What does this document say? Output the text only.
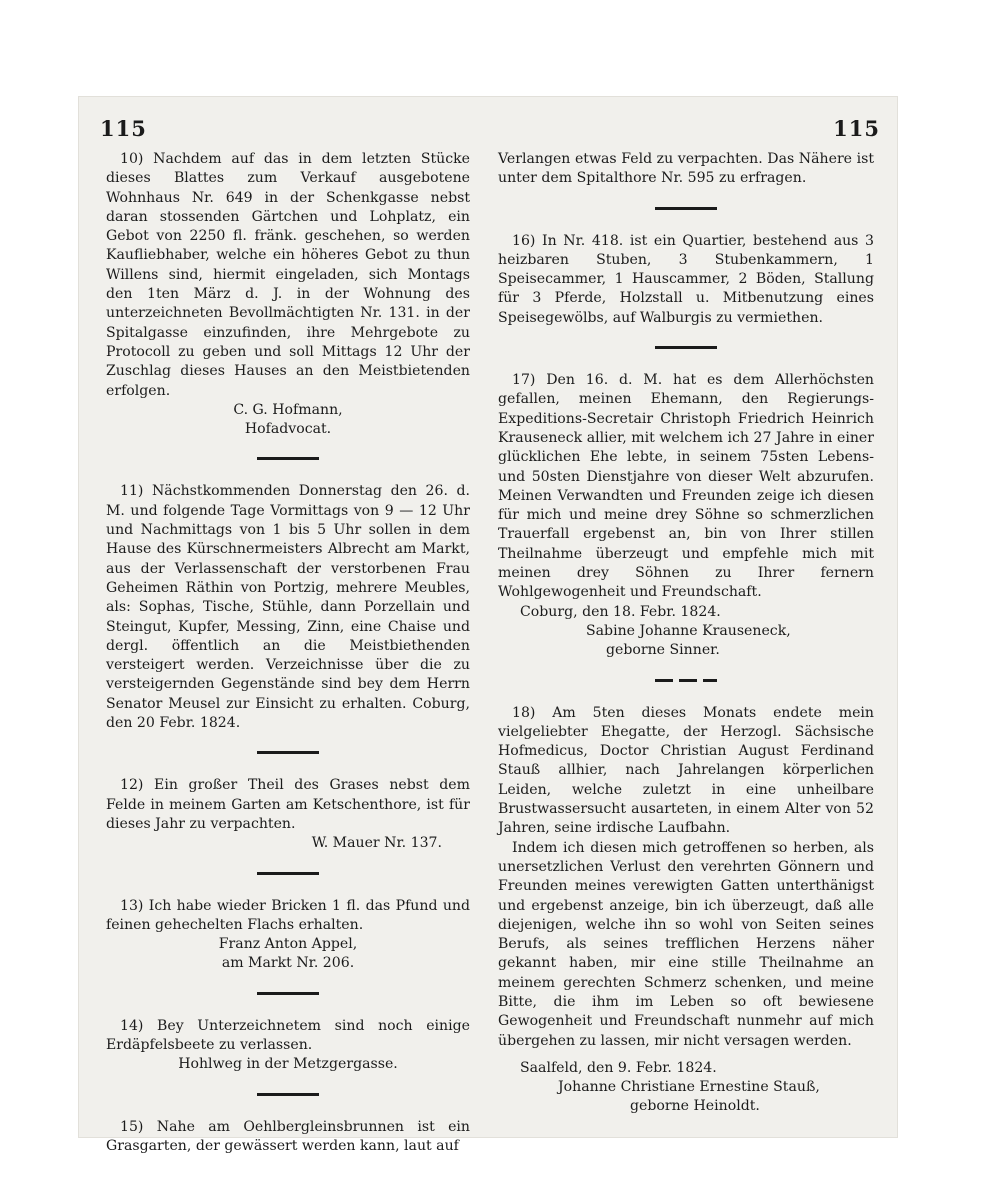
115	115

10) Nachdem auf das in dem letzten Stücke dieses Blattes zum Verkauf ausgebotene Wohnhaus Nr. 649 in der Schenkgasse nebst daran stossenden Gärtchen und Lohplatz, ein Gebot von 2250 fl. fränk. geschehen, so werden Kaufliebhaber, welche ein höheres Gebot zu thun Willens sind, hiermit eingeladen, sich Montags den 1ten März d. J. in der Wohnung des unterzeichneten Bevollmächtigten Nr. 131. in der Spitalgasse einzufinden, ihre Mehrgebote zu Protocoll zu geben und soll Mittags 12 Uhr der Zuschlag dieses Hauses an den Meistbietenden erfolgen.

C. G. Hofmann,

Hofadvocat.

11) Nächstkommenden Donnerstag den 26. d. M. und folgende Tage Vormittags von 9 — 12 Uhr und Nachmittags von 1 bis 5 Uhr sollen in dem Hause des Kürschnermeisters Albrecht am Markt, aus der Verlassenschaft der verstorbenen Frau Geheimen Räthin von Portzig, mehrere Meubles, als: Sophas, Tische, Stühle, dann Porzellain und Steingut, Kupfer, Messing, Zinn, eine Chaise und dergl. öffentlich an die Meistbiethenden versteigert werden. Verzeichnisse über die zu versteigernden Gegenstände sind bey dem Herrn Senator Meusel zur Einsicht zu erhalten. Coburg, den 20 Febr. 1824.

12) Ein großer Theil des Grases nebst dem Felde in meinem Garten am Ketschenthore, ist für dieses Jahr zu verpachten.

W. Mauer Nr. 137.

13) Ich habe wieder Bricken 1 fl. das Pfund und feinen gehechelten Flachs erhalten.

Franz Anton Appel,

am Markt Nr. 206.

14) Bey Unterzeichnetem sind noch einige Erdäpfelsbeete zu verlassen.

Hohlweg in der Metzgergasse.

15) Nahe am Oehlbergleinsbrunnen ist ein Grasgarten, der gewässert werden kann, laut auf

Verlangen etwas Feld zu verpachten. Das Nähere ist unter dem Spitalthore Nr. 595 zu erfragen.

16) In Nr. 418. ist ein Quartier, bestehend aus 3 heizbaren Stuben, 3 Stubenkammern, 1 Speisecammer, 1 Hauscammer, 2 Böden, Stallung für 3 Pferde, Holzstall u. Mitbenutzung eines Speisegewölbs, auf Walburgis zu vermiethen.

17) Den 16. d. M. hat es dem Allerhöchsten gefallen, meinen Ehemann, den Regierungs-Expeditions-Secretair Christoph Friedrich Heinrich Krauseneck allier, mit welchem ich 27 Jahre in einer glücklichen Ehe lebte, in seinem 75sten Lebens- und 50sten Dienstjahre von dieser Welt abzurufen. Meinen Verwandten und Freunden zeige ich diesen für mich und meine drey Söhne so schmerzlichen Trauerfall ergebenst an, bin von Ihrer stillen Theilnahme überzeugt und empfehle mich mit meinen drey Söhnen zu Ihrer fernern Wohlgewogenheit und Freundschaft.

Coburg, den 18. Febr. 1824.

Sabine Johanne Krauseneck,

geborne Sinner.

18) Am 5ten dieses Monats endete mein vielgeliebter Ehegatte, der Herzogl. Sächsische Hofmedicus, Doctor Christian August Ferdinand Stauß allhier, nach Jahrelangen körperlichen Leiden, welche zuletzt in eine unheilbare Brustwassersucht ausarteten, in einem Alter von 52 Jahren, seine irdische Laufbahn.

Indem ich diesen mich getroffenen so herben, als unersetzlichen Verlust den verehrten Gönnern und Freunden meines verewigten Gatten unterthänigst und ergebenst anzeige, bin ich überzeugt, daß alle diejenigen, welche ihn so wohl von Seiten seines Berufs, als seines trefflichen Herzens näher gekannt haben, mir eine stille Theilnahme an meinem gerechten Schmerz schenken, und meine Bitte, die ihm im Leben so oft bewiesene Gewogenheit und Freundschaft nunmehr auf mich übergehen zu lassen, mir nicht versagen werden.

Saalfeld, den 9. Febr. 1824.

Johanne Christiane Ernestine Stauß,

geborne Heinoldt.
